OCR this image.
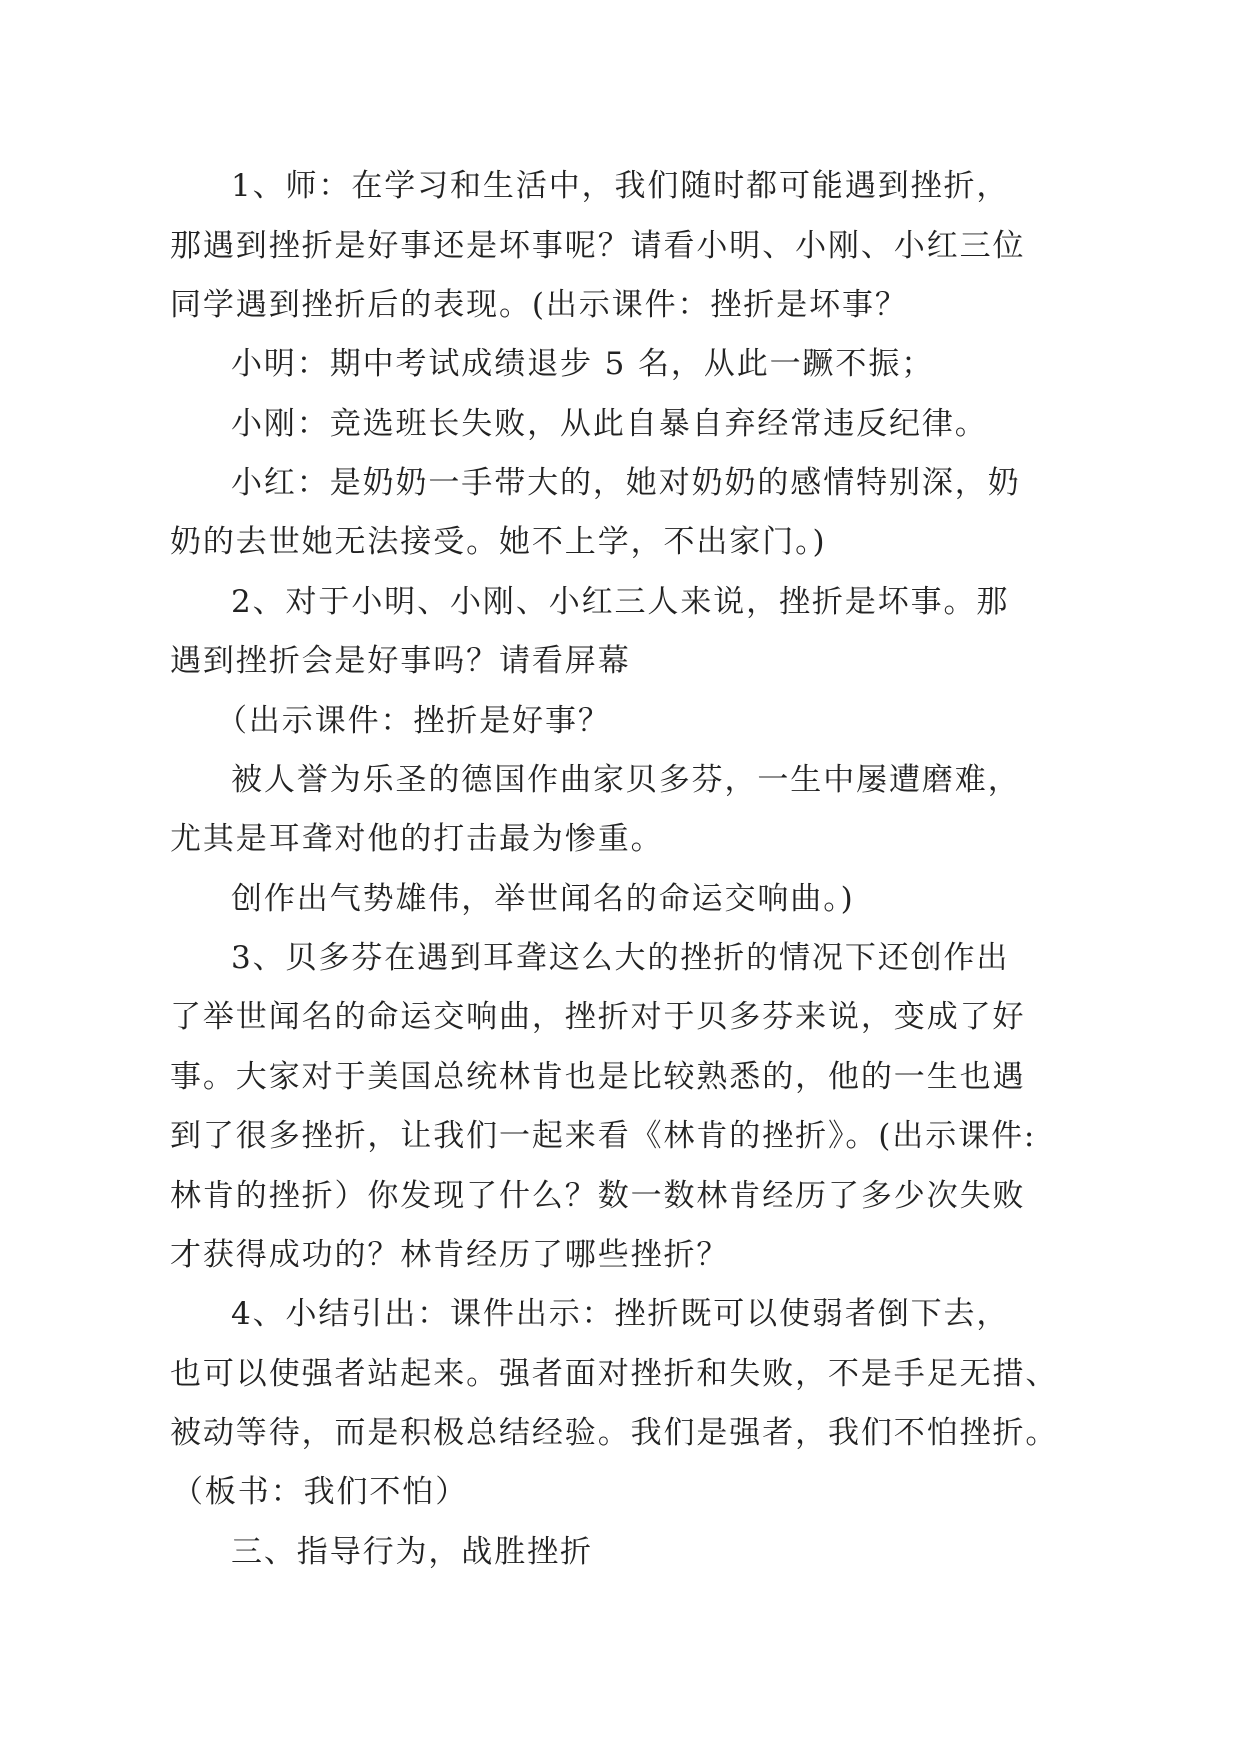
1、师：在学习和生活中，我们随时都可能遇到挫折，
那遇到挫折是好事还是坏事呢？请看小明、小刚、小红三位
同学遇到挫折后的表现。(出示课件：挫折是坏事？
小明：期中考试成绩退步 5 名，从此一蹶不振；
小刚：竞选班长失败，从此自暴自弃经常违反纪律。
小红：是奶奶一手带大的，她对奶奶的感情特别深，奶
奶的去世她无法接受。她不上学，不出家门。)
2、对于小明、小刚、小红三人来说，挫折是坏事。那
遇到挫折会是好事吗？请看屏幕
（出示课件：挫折是好事？
被人誉为乐圣的德国作曲家贝多芬，一生中屡遭磨难，
尤其是耳聋对他的打击最为惨重。
创作出气势雄伟，举世闻名的命运交响曲。)
3、贝多芬在遇到耳聋这么大的挫折的情况下还创作出
了举世闻名的命运交响曲，挫折对于贝多芬来说，变成了好
事。大家对于美国总统林肯也是比较熟悉的，他的一生也遇
到了很多挫折，让我们一起来看《林肯的挫折》。(出示课件:
林肯的挫折）你发现了什么？数一数林肯经历了多少次失败
才获得成功的？林肯经历了哪些挫折？
4、小结引出：课件出示：挫折既可以使弱者倒下去，
也可以使强者站起来。强者面对挫折和失败，不是手足无措、
被动等待，而是积极总结经验。我们是强者，我们不怕挫折。
（板书：我们不怕）
三、指导行为，战胜挫折
